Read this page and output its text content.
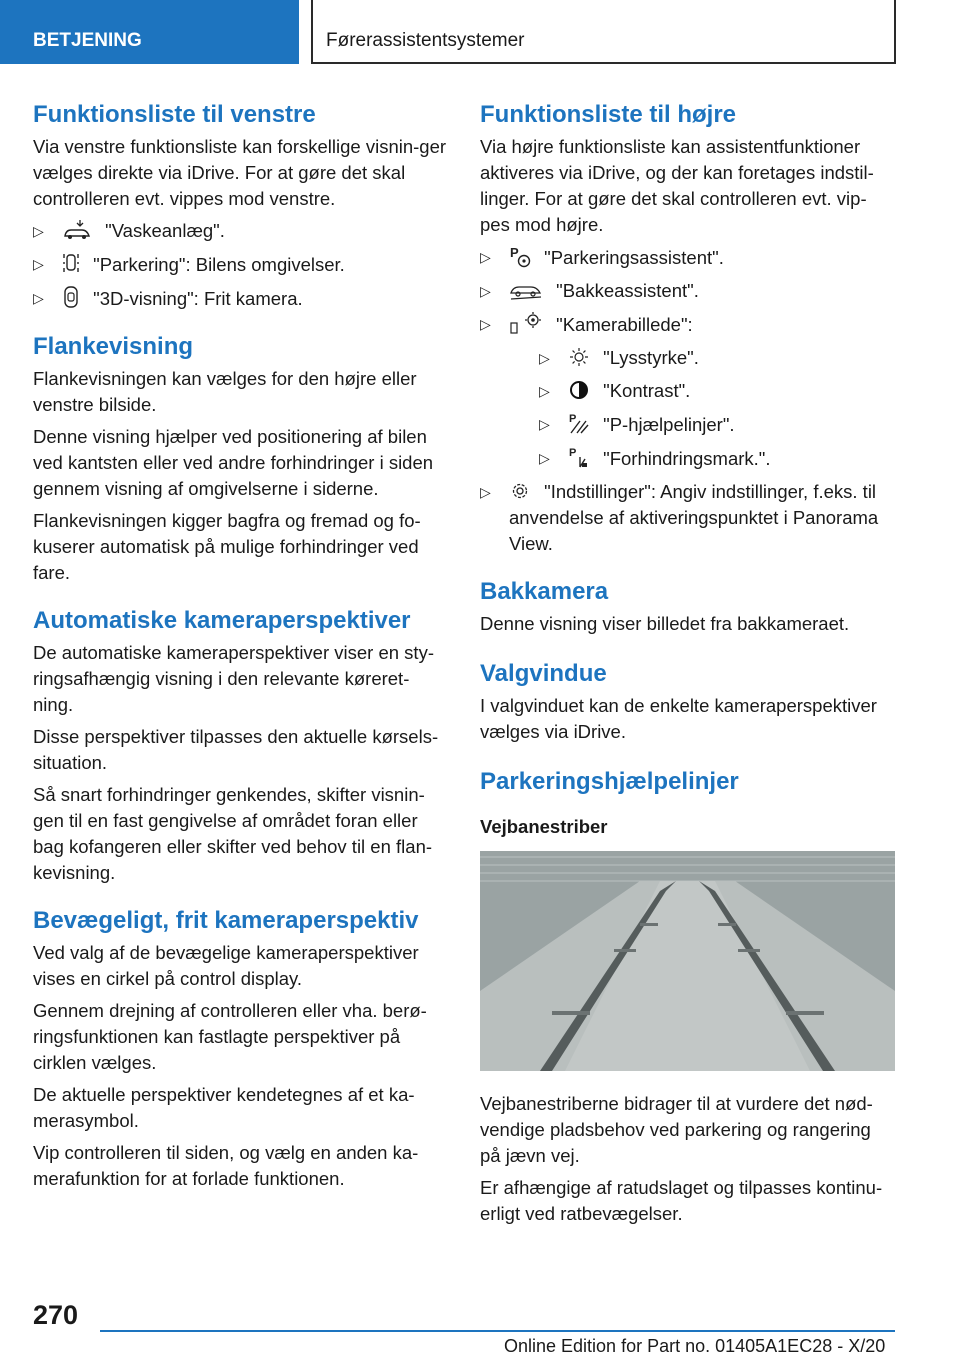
BETJENING	Førerassistentsystemer
Funktionsliste til venstre

Via venstre funktionsliste kan forskellige visnin-ger vælges direkte via iDrive. For at gøre det skal controlleren evt. vippes mod venstre.

▷	"Vaskeanlæg".
▷	"Parkering": Bilens omgivelser.
▷	"3D-visning": Frit kamera.
Flankevisning

Flankevisningen kan vælges for den højre eller venstre bilside.

Denne visning hjælper ved positionering af bilen ved kantsten eller ved andre forhindringer i siden gennem visning af omgivelserne i siderne.

Flankevisningen kigger bagfra og fremad og fo-kuserer automatisk på mulige forhindringer ved fare.

Automatiske kameraperspektiver

De automatiske kameraperspektiver viser en sty-ringsafhængig visning i den relevante køreret-ning.

Disse perspektiver tilpasses den aktuelle kørsels-situation.

Så snart forhindringer genkendes, skifter visnin-gen til en fast gengivelse af området foran eller bag kofangeren eller skifter ved behov til en flan-kevisning.

Bevægeligt, frit kameraperspektiv

Ved valg af de bevægelige kameraperspektiver vises en cirkel på control display.

Gennem drejning af controlleren eller vha. berø-ringsfunktionen kan fastlagte perspektiver på cirklen vælges.

De aktuelle perspektiver kendetegnes af et ka-merasymbol.

Vip controlleren til siden, og vælg en anden ka-merafunktion for at forlade funktionen.

Funktionsliste til højre

Via højre funktionsliste kan assistentfunktioner aktiveres via iDrive, og der kan foretages indstil-linger. For at gøre det skal controlleren evt. vip-pes mod højre.

▷ P "Parkeringsassistent".
▷	"Bakkeassistent".
▷	"Kamerabillede":
▷	"Lysstyrke".
▷	"Kontrast".
▷ P "P-hjælpelinjer".
▷ P "Forhindringsmark.".
▷	"Indstillinger": Angiv indstillinger, f.eks. til anvendelse af aktiveringspunktet i Panorama View.
Bakkamera

Denne visning viser billedet fra bakkameraet.

Valgvindue

I valgvinduet kan de enkelte kameraperspektiver vælges via iDrive.

Parkeringshjælpelinjer
Vejbanestriber

Vejbanestriberne bidrager til at vurdere det nød-vendige pladsbehov ved parkering og rangering på jævn vej.

Er afhængige af ratudslaget og tilpasses kontinu-erligt ved ratbevægelser.

270
Online Edition for Part no. 01405A1EC28 - X/20
